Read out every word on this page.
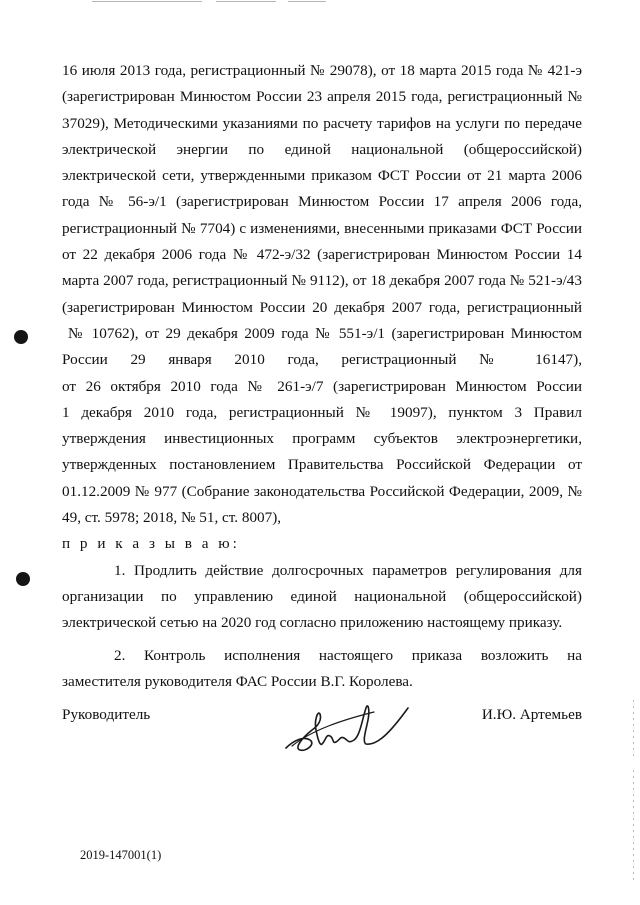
16 июля 2013 года, регистрационный № 29078), от 18 марта 2015 года № 421-э
(зарегистрирован Минюстом России 23 апреля 2015 года, регистрационный №
37029), Методическими указаниями по расчету тарифов на услуги по передаче
электрической энергии по единой национальной (общероссийской)
электрической сети, утвержденными приказом ФСТ России от 21 марта 2006
года № 56-э/1 (зарегистрирован Минюстом России 17 апреля 2006 года,
регистрационный № 7704) с изменениями, внесенными приказами ФСТ России
от 22 декабря 2006 года № 472-э/32 (зарегистрирован Минюстом России 14
марта 2007 года, регистрационный № 9112), от 18 декабря 2007 года № 521-э/43
(зарегистрирован Минюстом России 20 декабря 2007 года, регистрационный
№ 10762), от 29 декабря 2009 года № 551-э/1 (зарегистрирован Минюстом
России 29 января 2010 года, регистрационный № 16147),
от 26 октября 2010 года № 261-э/7 (зарегистрирован Минюстом России
1 декабря 2010 года, регистрационный № 19097), пунктом 3 Правил
утверждения инвестиционных программ субъектов электроэнергетики,
утвержденных постановлением Правительства Российской Федерации от
01.12.2009 № 977 (Собрание законодательства Российской Федерации, 2009, №
49, ст. 5978; 2018, № 51, ст. 8007),
п р и к а з ы в а ю:
1. Продлить действие долгосрочных параметров регулирования для
организации по управлению единой национальной (общероссийской)
электрической сетью на 2020 год согласно приложению настоящему приказу.
2. Контроль исполнения настоящего приказа возложить на
заместителя руководителя ФАС России В.Г. Королева.
Руководитель	И.Ю. Артемьев
2019-147001(1)
